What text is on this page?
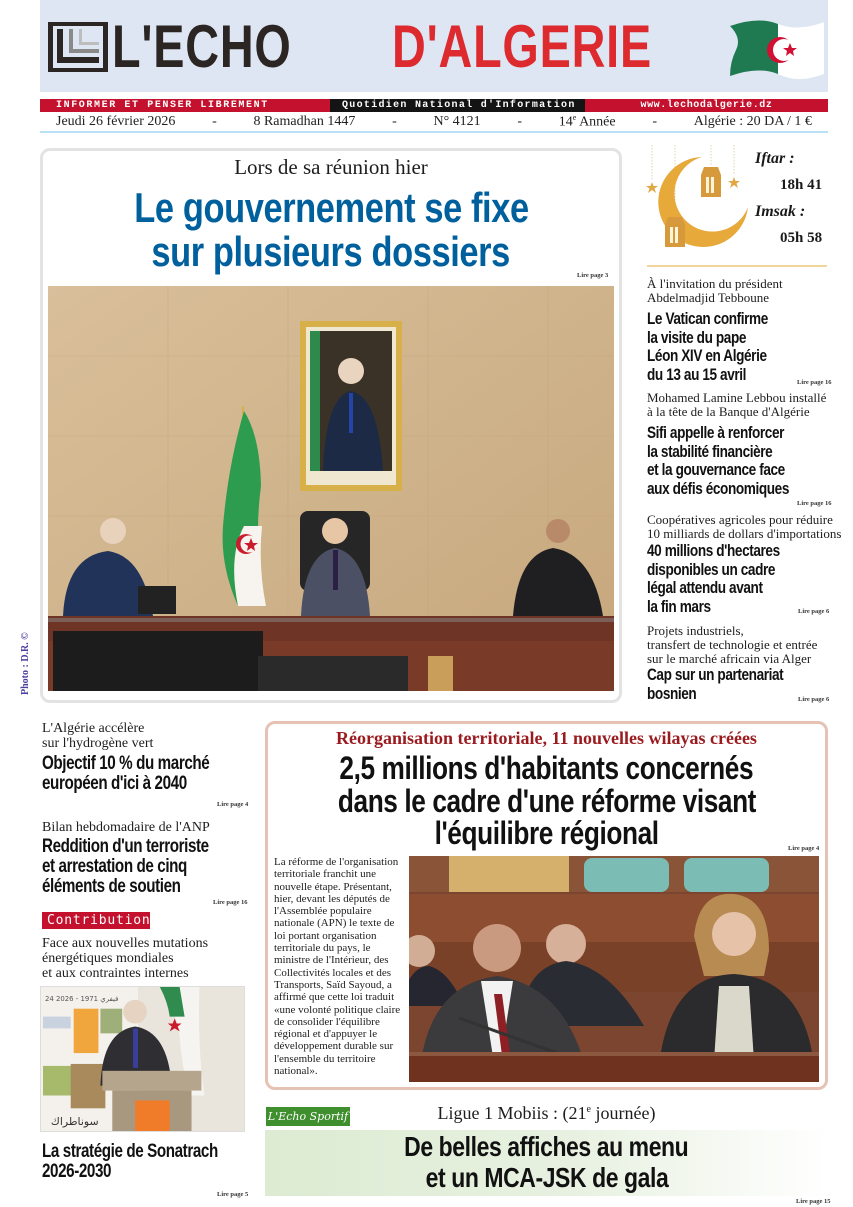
L'ECHO D'ALGERIE
INFORMER ET PENSER LIBREMENT	Quotidien National d'Information	www.lechodalgerie.dz
Jeudi 26 février 2026	-	8 Ramadhan 1447	-	N° 4121	-	14e Année	-	Algérie : 20 DA / 1 €
Lors de sa réunion hier
Le gouvernement se fixe
sur plusieurs dossiers
Lire page 3
Photo : D.R. ©
Iftar :
18h 41
Imsak :
05h 58
À l'invitation du président
Abdelmadjid Tebboune
Le Vatican confirme
la visite du pape
Léon XIV en Algérie
du 13 au 15 avril	Lire page 16
Mohamed Lamine Lebbou installé
à la tête de la Banque d'Algérie
Sifi appelle à renforcer
la stabilité financière
et la gouvernance face
aux défis économiques
Lire page 16
Coopératives agricoles pour réduire
10 milliards de dollars d'importations
40 millions d'hectares
disponibles un cadre
légal attendu avant
la fin mars	Lire page 6
Projets industriels,
transfert de technologie et entrée
sur le marché africain via Alger
Cap sur un partenariat
bosnien	Lire page 6
L'Algérie accélère
sur l'hydrogène vert
Objectif 10 % du marché
européen d'ici à 2040
Lire page 4
Bilan hebdomadaire de l'ANP
Reddition d'un terroriste
et arrestation de cinq
éléments de soutien
Lire page 16
Contribution
Face aux nouvelles mutations
énergétiques mondiales
et aux contraintes internes
24 فيفري 1971 - 2026
سوناطراك
La stratégie de Sonatrach
2026-2030
Lire page 5
Réorganisation territoriale, 11 nouvelles wilayas créées
2,5 millions d'habitants concernés
dans le cadre d'une réforme visant
l'équilibre régional	Lire page 4
La réforme de l'organisation territoriale franchit une nouvelle étape. Présentant, hier, devant les députés de l'Assemblée populaire nationale (APN) le texte de loi portant organisation territoriale du pays, le ministre de l'Intérieur, des Collectivités locales et des Transports, Saïd Sayoud, a affirmé que cette loi traduit «une volonté politique claire de consolider l'équilibre régional et d'appuyer le développement durable sur l'ensemble du territoire national».
Ligue 1 Mobiis : (21e journée)
L'Echo Sportif
De belles affiches au menu
et un MCA-JSK de gala
Lire page 15
